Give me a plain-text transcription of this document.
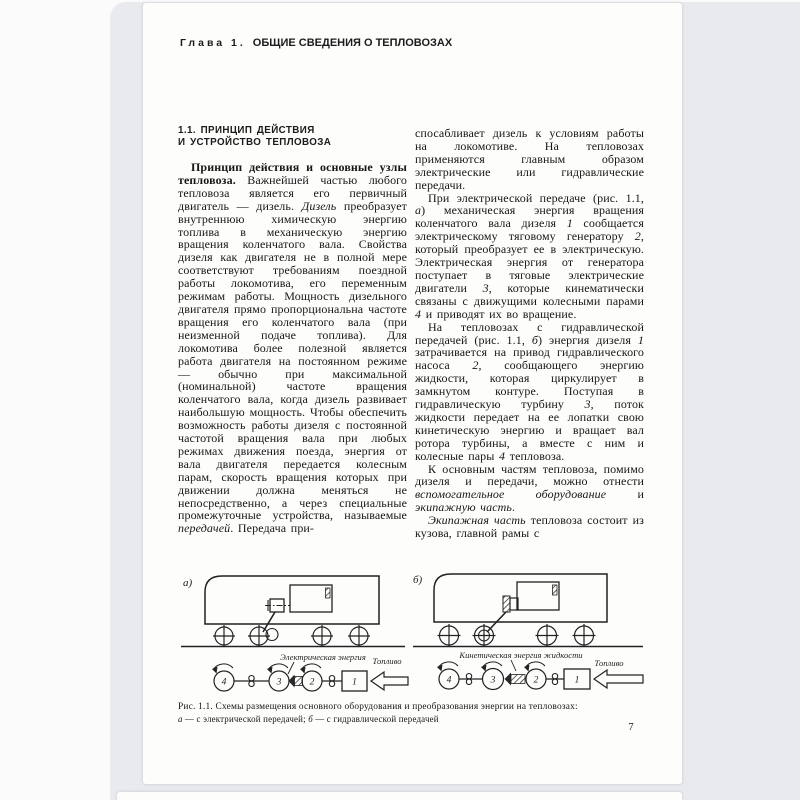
Глава 1. ОБЩИЕ СВЕДЕНИЯ О ТЕПЛОВОЗАХ
1.1. ПРИНЦИП ДЕЙСТВИЯ
И УСТРОЙСТВО ТЕПЛОВОЗА

Принцип действия и основные узлы тепловоза. Важнейшей частью любого тепловоза является его первичный двигатель — дизель. Дизель преобразует внутреннюю химическую энергию топлива в механическую энергию вращения коленчатого вала. Свойства дизеля как двигателя не в полной мере соответствуют требованиям поездной работы локомотива, его переменным режимам работы. Мощность дизельного двигателя прямо пропорциональна частоте вращения его коленчатого вала (при неизменной подаче топлива). Для локомотива более полезной является работа двигателя на постоянном режиме — обычно при максимальной (номинальной) частоте вращения коленчатого вала, когда дизель развивает наибольшую мощность. Чтобы обеспечить возможность работы дизеля с постоянной частотой вращения вала при любых режимах движения поезда, энергия от вала двигателя передается колесным парам, скорость вращения которых при движении должна меняться не непосредственно, а через специальные промежуточные устройства, называемые передачей. Передача при-

спосабливает дизель к условиям работы на локомотиве. На тепловозах применяются главным образом электрические или гидравлические передачи.

При электрической передаче (рис. 1.1, а) механическая энергия вращения коленчатого вала дизеля 1 сообщается электрическому тяговому генератору 2, который преобразует ее в электрическую. Электрическая энергия от генератора поступает в тяговые электрические двигатели 3, которые кинематически связаны с движущими колесными парами 4 и приводят их во вращение.

На тепловозах с гидравлической передачей (рис. 1.1, б) энергия дизеля 1 затрачивается на привод гидравлического насоса 2, сообщающего энергию жидкости, которая циркулирует в замкнутом контуре. Поступая в гидравлическую турбину 3, поток жидкости передает на ее лопатки свою кинетическую энергию и вращает вал ротора турбины, а вместе с ним и колесные пары 4 тепловоза.

К основным частям тепловоза, помимо дизеля и передачи, можно отнести вспомогательное оборудование и экипажную часть.

Экипажная часть тепловоза состоит из кузова, главной рамы с

а)
Электрическая энергия
4	3	2	1
Топливо
б)
Кинетическая энергия жидкости
4	3	2	1
Топливо
Рис. 1.1. Схемы размещения основного оборудования и преобразования энергии на тепловозах:
а — с электрической передачей; б — с гидравлической передачей
7
